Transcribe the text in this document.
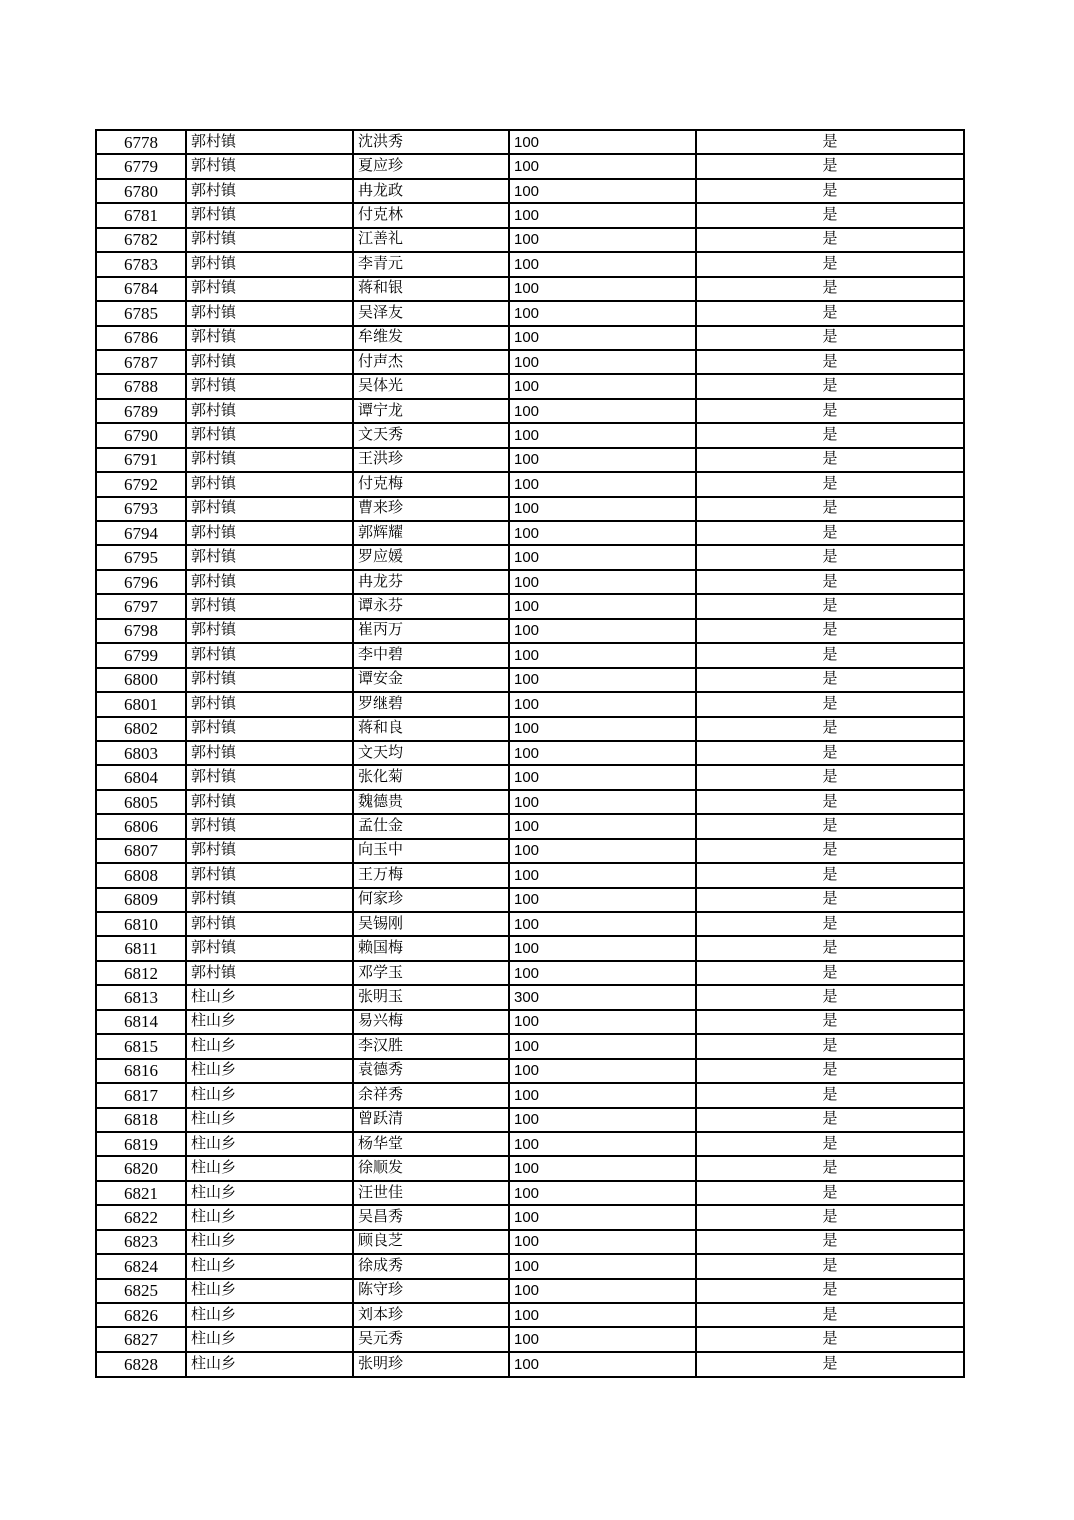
6778	郭村镇	沈洪秀	100	是
6779	郭村镇	夏应珍	100	是
6780	郭村镇	冉龙政	100	是
6781	郭村镇	付克林	100	是
6782	郭村镇	江善礼	100	是
6783	郭村镇	李青元	100	是
6784	郭村镇	蒋和银	100	是
6785	郭村镇	吴泽友	100	是
6786	郭村镇	牟维发	100	是
6787	郭村镇	付声杰	100	是
6788	郭村镇	吴体光	100	是
6789	郭村镇	谭宁龙	100	是
6790	郭村镇	文天秀	100	是
6791	郭村镇	王洪珍	100	是
6792	郭村镇	付克梅	100	是
6793	郭村镇	曹来珍	100	是
6794	郭村镇	郭辉耀	100	是
6795	郭村镇	罗应媛	100	是
6796	郭村镇	冉龙芬	100	是
6797	郭村镇	谭永芬	100	是
6798	郭村镇	崔丙万	100	是
6799	郭村镇	李中碧	100	是
6800	郭村镇	谭安金	100	是
6801	郭村镇	罗继碧	100	是
6802	郭村镇	蒋和良	100	是
6803	郭村镇	文天均	100	是
6804	郭村镇	张化菊	100	是
6805	郭村镇	魏德贵	100	是
6806	郭村镇	孟仕金	100	是
6807	郭村镇	向玉中	100	是
6808	郭村镇	王万梅	100	是
6809	郭村镇	何家珍	100	是
6810	郭村镇	吴锡刚	100	是
6811	郭村镇	赖国梅	100	是
6812	郭村镇	邓学玉	100	是
6813	柱山乡	张明玉	300	是
6814	柱山乡	易兴梅	100	是
6815	柱山乡	李汉胜	100	是
6816	柱山乡	袁德秀	100	是
6817	柱山乡	余祥秀	100	是
6818	柱山乡	曾跃清	100	是
6819	柱山乡	杨华堂	100	是
6820	柱山乡	徐顺发	100	是
6821	柱山乡	汪世佳	100	是
6822	柱山乡	吴昌秀	100	是
6823	柱山乡	顾良芝	100	是
6824	柱山乡	徐成秀	100	是
6825	柱山乡	陈守珍	100	是
6826	柱山乡	刘本珍	100	是
6827	柱山乡	吴元秀	100	是
6828	柱山乡	张明珍	100	是
